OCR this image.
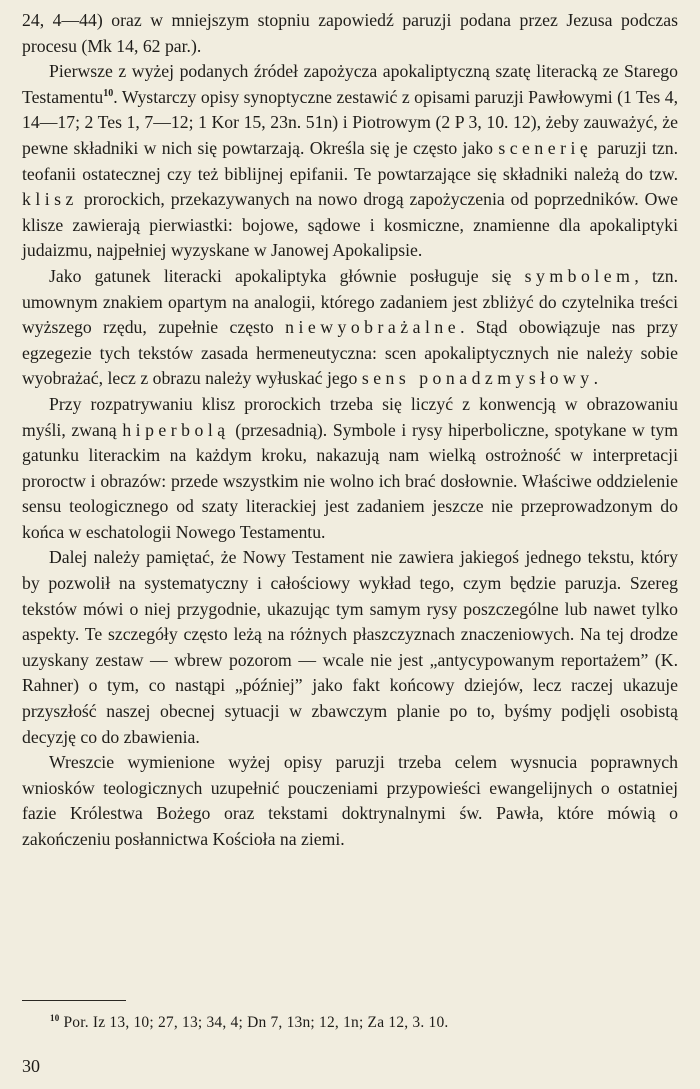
24, 4—44) oraz w mniejszym stopniu zapowiedź paruzji podana przez Jezusa podczas procesu (Mk 14, 62 par.).

Pierwsze z wyżej podanych źródeł zapożycza apokaliptyczną szatę literacką ze Starego Testamentu$^{10}$. Wystarczy opisy synoptyczne zestawić z opisami paruzji Pawłowymi (1 Tes 4, 14—17; 2 Tes 1, 7—12; 1 Kor 15, 23n. 51n) i Piotrowym (2 P 3, 10. 12), żeby zauważyć, że pewne składniki w nich się powtarzają. Określa się je często jako scenerię paruzji tzn. teofanii ostatecznej czy też biblijnej epifanii. Te powtarzające się składniki należą do tzw. klisz prorockich, przekazywanych na nowo drogą zapożyczenia od poprzedników. Owe klisze zawierają pierwiastki: bojowe, sądowe i kosmiczne, znamienne dla apokaliptyki judaizmu, najpełniej wyzyskane w Janowej Apokalipsie.

Jako gatunek literacki apokaliptyka głównie posługuje się symbolem, tzn. umownym znakiem opartym na analogii, którego zadaniem jest zbliżyć do czytelnika treści wyższego rzędu, zupełnie często niewyobrażalne. Stąd obowiązuje nas przy egzegezie tych tekstów zasada hermeneutyczna: scen apokaliptycznych nie należy sobie wyobrażać, lecz z obrazu należy wyłuskać jego sens ponadzmysłowy.

Przy rozpatrywaniu klisz prorockich trzeba się liczyć z konwencją w obrazowaniu myśli, zwaną hiperbolą (przesadnią). Symbole i rysy hiperboliczne, spotykane w tym gatunku literackim na każdym kroku, nakazują nam wielką ostrożność w interpretacji proroctw i obrazów: przede wszystkim nie wolno ich brać dosłownie. Właściwe oddzielenie sensu teologicznego od szaty literackiej jest zadaniem jeszcze nie przeprowadzonym do końca w eschatologii Nowego Testamentu.

Dalej należy pamiętać, że Nowy Testament nie zawiera jakiegoś jednego tekstu, który by pozwolił na systematyczny i całościowy wykład tego, czym będzie paruzja. Szereg tekstów mówi o niej przygodnie, ukazując tym samym rysy poszczególne lub nawet tylko aspekty. Te szczegóły często leżą na różnych płaszczyznach znaczeniowych. Na tej drodze uzyskany zestaw — wbrew pozorom — wcale nie jest „antycypowanym reportażem” (K. Rahner) o tym, co nastąpi „później” jako fakt końcowy dziejów, lecz raczej ukazuje przyszłość naszej obecnej sytuacji w zbawczym planie po to, byśmy podjęli osobistą decyzję co do zbawienia.

Wreszcie wymienione wyżej opisy paruzji trzeba celem wysnucia poprawnych wniosków teologicznych uzupełnić pouczeniami przypowieści ewangelijnych o ostatniej fazie Królestwa Bożego oraz tekstami doktrynalnymi św. Pawła, które mówią o zakończeniu posłannictwa Kościoła na ziemi.

$^{10}$ Por. Iz 13, 10; 27, 13; 34, 4; Dn 7, 13n; 12, 1n; Za 12, 3. 10.
30
